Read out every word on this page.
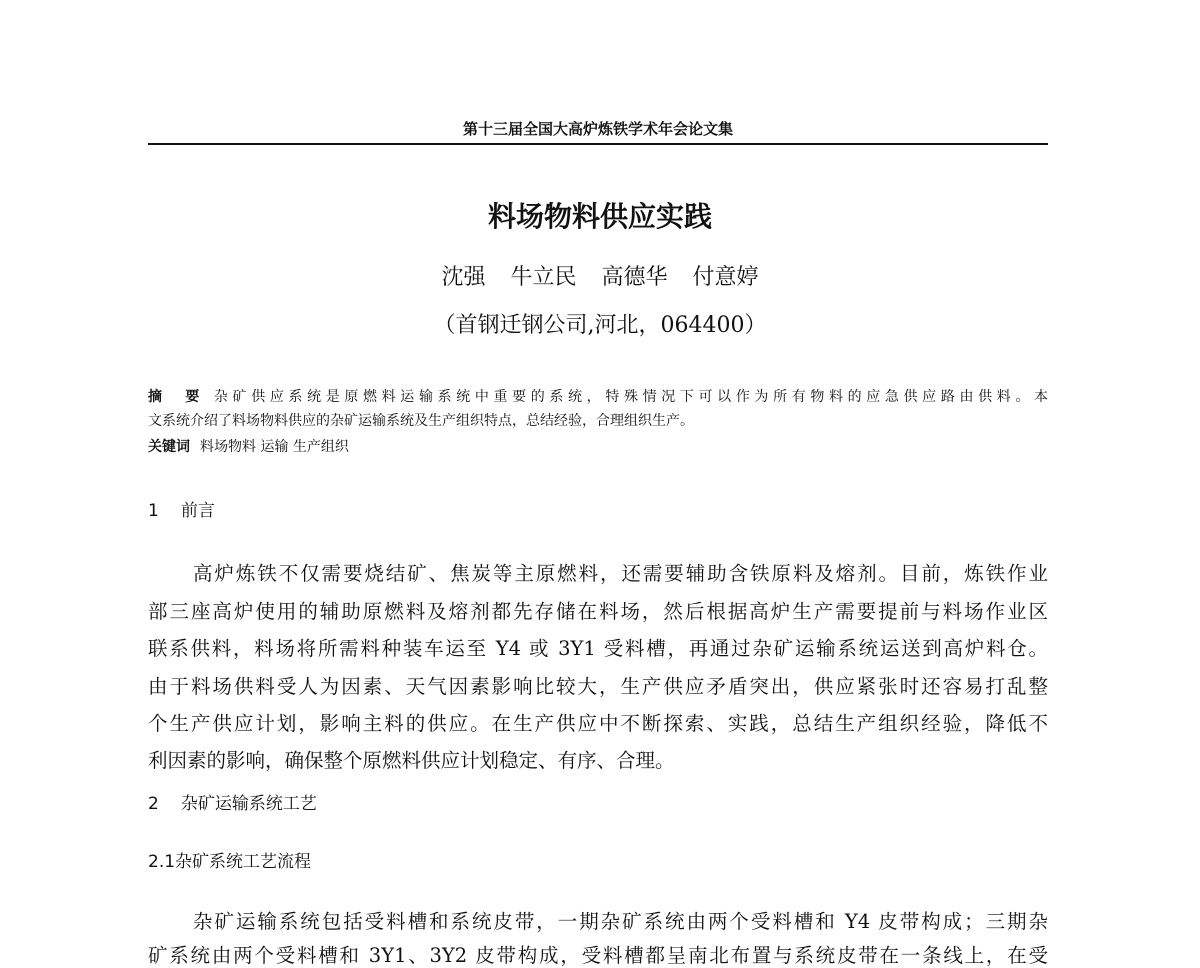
第十三届全国大高炉炼铁学术年会论文集
料场物料供应实践
沈强 牛立民 高德华 付意婷
（首钢迁钢公司,河北，064400）
摘　要 杂矿供应系统是原燃料运输系统中重要的系统，特殊情况下可以作为所有物料的应急供应路由供料。本
文系统介绍了料场物料供应的杂矿运输系统及生产组织特点，总结经验，合理组织生产。
关键词 料场物料 运输 生产组织
1 前言
高炉炼铁不仅需要烧结矿、焦炭等主原燃料，还需要辅助含铁原料及熔剂。目前，炼铁作业
部三座高炉使用的辅助原燃料及熔剂都先存储在料场，然后根据高炉生产需要提前与料场作业区
联系供料，料场将所需料种装车运至 Y4 或 3Y1 受料槽，再通过杂矿运输系统运送到高炉料仓。
由于料场供料受人为因素、天气因素影响比较大，生产供应矛盾突出，供应紧张时还容易打乱整
个生产供应计划，影响主料的供应。在生产供应中不断探索、实践，总结生产组织经验，降低不
利因素的影响，确保整个原燃料供应计划稳定、有序、合理。
2 杂矿运输系统工艺
2.1杂矿系统工艺流程
杂矿运输系统包括受料槽和系统皮带，一期杂矿系统由两个受料槽和 Y4 皮带构成；三期杂
矿系统由两个受料槽和 3Y1、3Y2 皮带构成，受料槽都呈南北布置与系统皮带在一条线上，在受
